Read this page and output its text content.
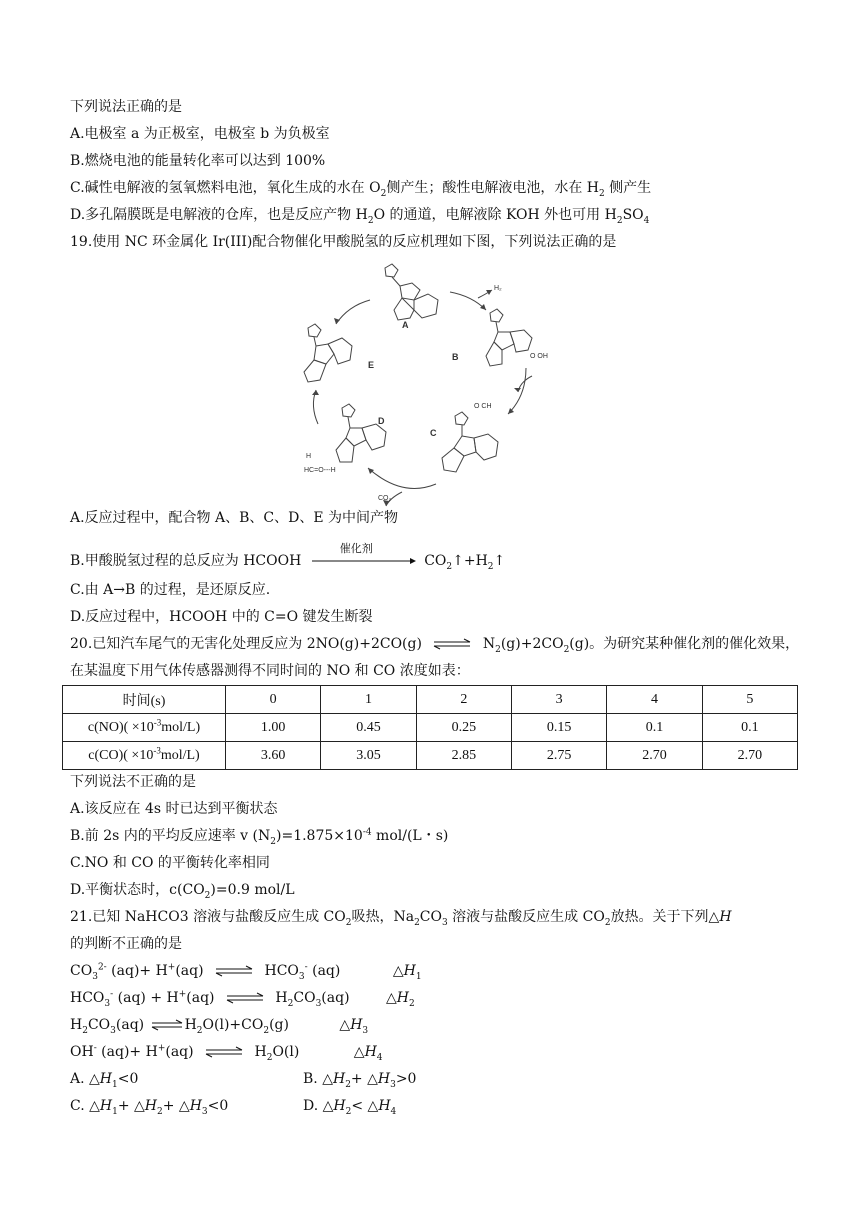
下列说法正确的是
A.电极室 a 为正极室，电极室 b 为负极室
B.燃烧电池的能量转化率可以达到 100%
C.碱性电解液的氢氧燃料电池，氧化生成的水在 $O_2$侧产生；酸性电解液电池，水在 $H_2$ 侧产生
D.多孔隔膜既是电解液的仓库，也是反应产物 $H_2O$ 的通道，电解液除 KOH 外也可用 $H_2SO_4$
19.使用 NC 环金属化 Ir(III)配合物催化甲酸脱氢的反应机理如下图，下列说法正确的是
A
B
C
D
E
H₂
CO₂
O OH
O CH
H
HC=O---H
A.反应过程中，配合物 A、B、C、D、E 为中间产物
B.甲酸脱氢过程的总反应为 HCOOH
催化剂
$CO_2↑+H_2↑$
C.由 A→B 的过程，是还原反应.
D.反应过程中，HCOOH 中的 C=O 键发生断裂
20.已知汽车尾气的无害化处理反应为 2NO(g)+2CO(g) ⇌ $N_2(g)+2CO_2(g)$。为研究某种催化剂的催化效果，
在某温度下用气体传感器测得不同时间的 NO 和 CO 浓度如表：
时间(s)	0	1	2	3	4	5
$c(NO)( \times 10^{-3}mol/L)$	1.00	0.45	0.25	0.15	0.1	0.1
$c(CO)( \times 10^{-3}mol/L)$	3.60	3.05	2.85	2.75	2.70	2.70
下列说法不正确的是
A.该反应在 4s 时已达到平衡状态
B.前 2s 内的平均反应速率 v $(N_2)=1.875\times 10^{-4}$ mol/(L・s)
C.NO 和 CO 的平衡转化率相同
D.平衡状态时，$c(CO_2)=0.9$ mol/L
21.已知 NaHCO3 溶液与盐酸反应生成 $CO_2$吸热，$Na_2CO_3$ 溶液与盐酸反应生成 $CO_2$放热。关于下列△H
的判断不正确的是
$CO_3^{2-}$ (aq)+ H+(aq)	$HCO_3^-$ (aq)	$\triangle H_1$
$HCO_3^-$ (aq) + H+(aq)	$H_2CO_3(aq)$ $\triangle H_2$
$H_2CO_3(aq)$	$H_2O(l)+CO_2(g)$	$\triangle H_3$
OH- (aq)+ H+(aq)	$H_2O(l)$	$\triangle H_4$
A. $\triangle H_1<0$	B. $\triangle H_2+$ $\triangle H_3>0$
C. $\triangle H_1+$ $\triangle H_2+$ $\triangle H_3<0$	D. $\triangle H_2<$ $\triangle H_4$
